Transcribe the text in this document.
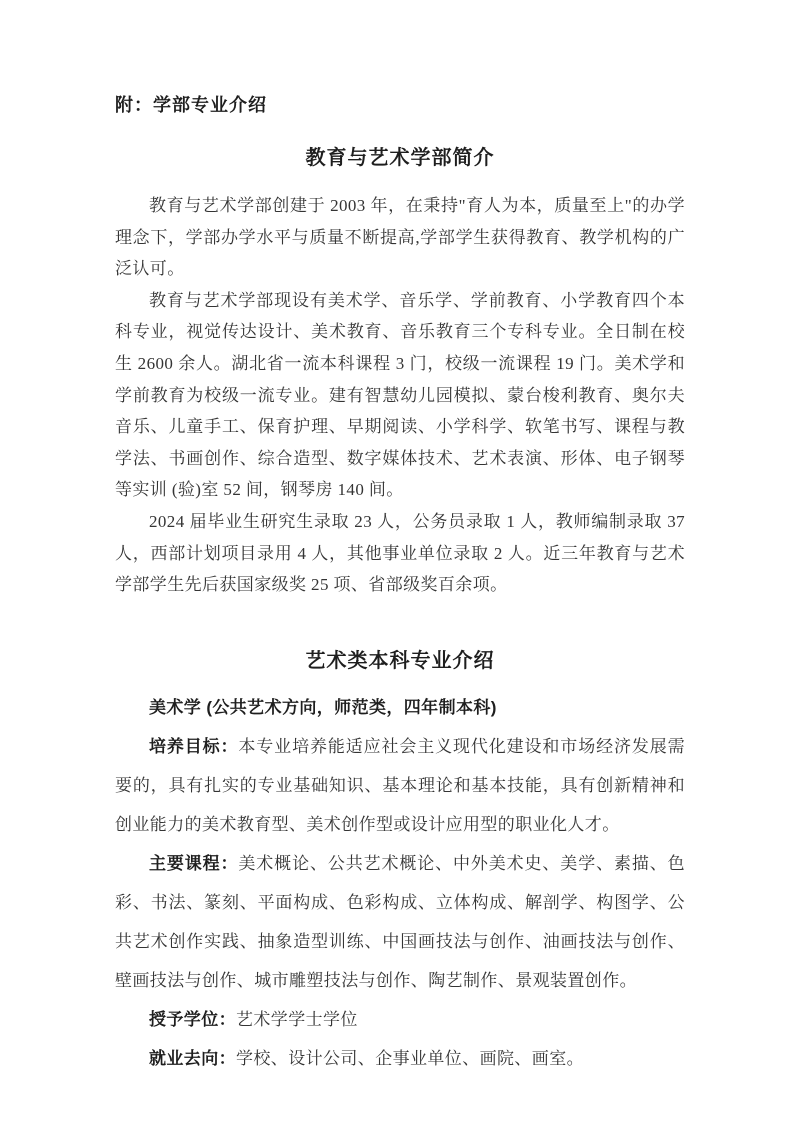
附：学部专业介绍
教育与艺术学部简介

教育与艺术学部创建于 2003 年，在秉持"育人为本，质量至上"的办学理念下，学部办学水平与质量不断提高,学部学生获得教育、教学机构的广泛认可。

教育与艺术学部现设有美术学、音乐学、学前教育、小学教育四个本科专业，视觉传达设计、美术教育、音乐教育三个专科专业。全日制在校生 2600 余人。湖北省一流本科课程 3 门，校级一流课程 19 门。美术学和学前教育为校级一流专业。建有智慧幼儿园模拟、蒙台梭利教育、奥尔夫音乐、儿童手工、保育护理、早期阅读、小学科学、软笔书写、课程与教学法、书画创作、综合造型、数字媒体技术、艺术表演、形体、电子钢琴等实训 (验)室 52 间，钢琴房 140 间。

2024 届毕业生研究生录取 23 人，公务员录取 1 人，教师编制录取 37 人，西部计划项目录用 4 人，其他事业单位录取 2 人。近三年教育与艺术学部学生先后获国家级奖 25 项、省部级奖百余项。

艺术类本科专业介绍

美术学 (公共艺术方向，师范类，四年制本科)

培养目标：本专业培养能适应社会主义现代化建设和市场经济发展需要的，具有扎实的专业基础知识、基本理论和基本技能，具有创新精神和创业能力的美术教育型、美术创作型或设计应用型的职业化人才。

主要课程：美术概论、公共艺术概论、中外美术史、美学、素描、色彩、书法、篆刻、平面构成、色彩构成、立体构成、解剖学、构图学、公共艺术创作实践、抽象造型训练、中国画技法与创作、油画技法与创作、壁画技法与创作、城市雕塑技法与创作、陶艺制作、景观装置创作。

授予学位：艺术学学士学位

就业去向：学校、设计公司、企事业单位、画院、画室。
